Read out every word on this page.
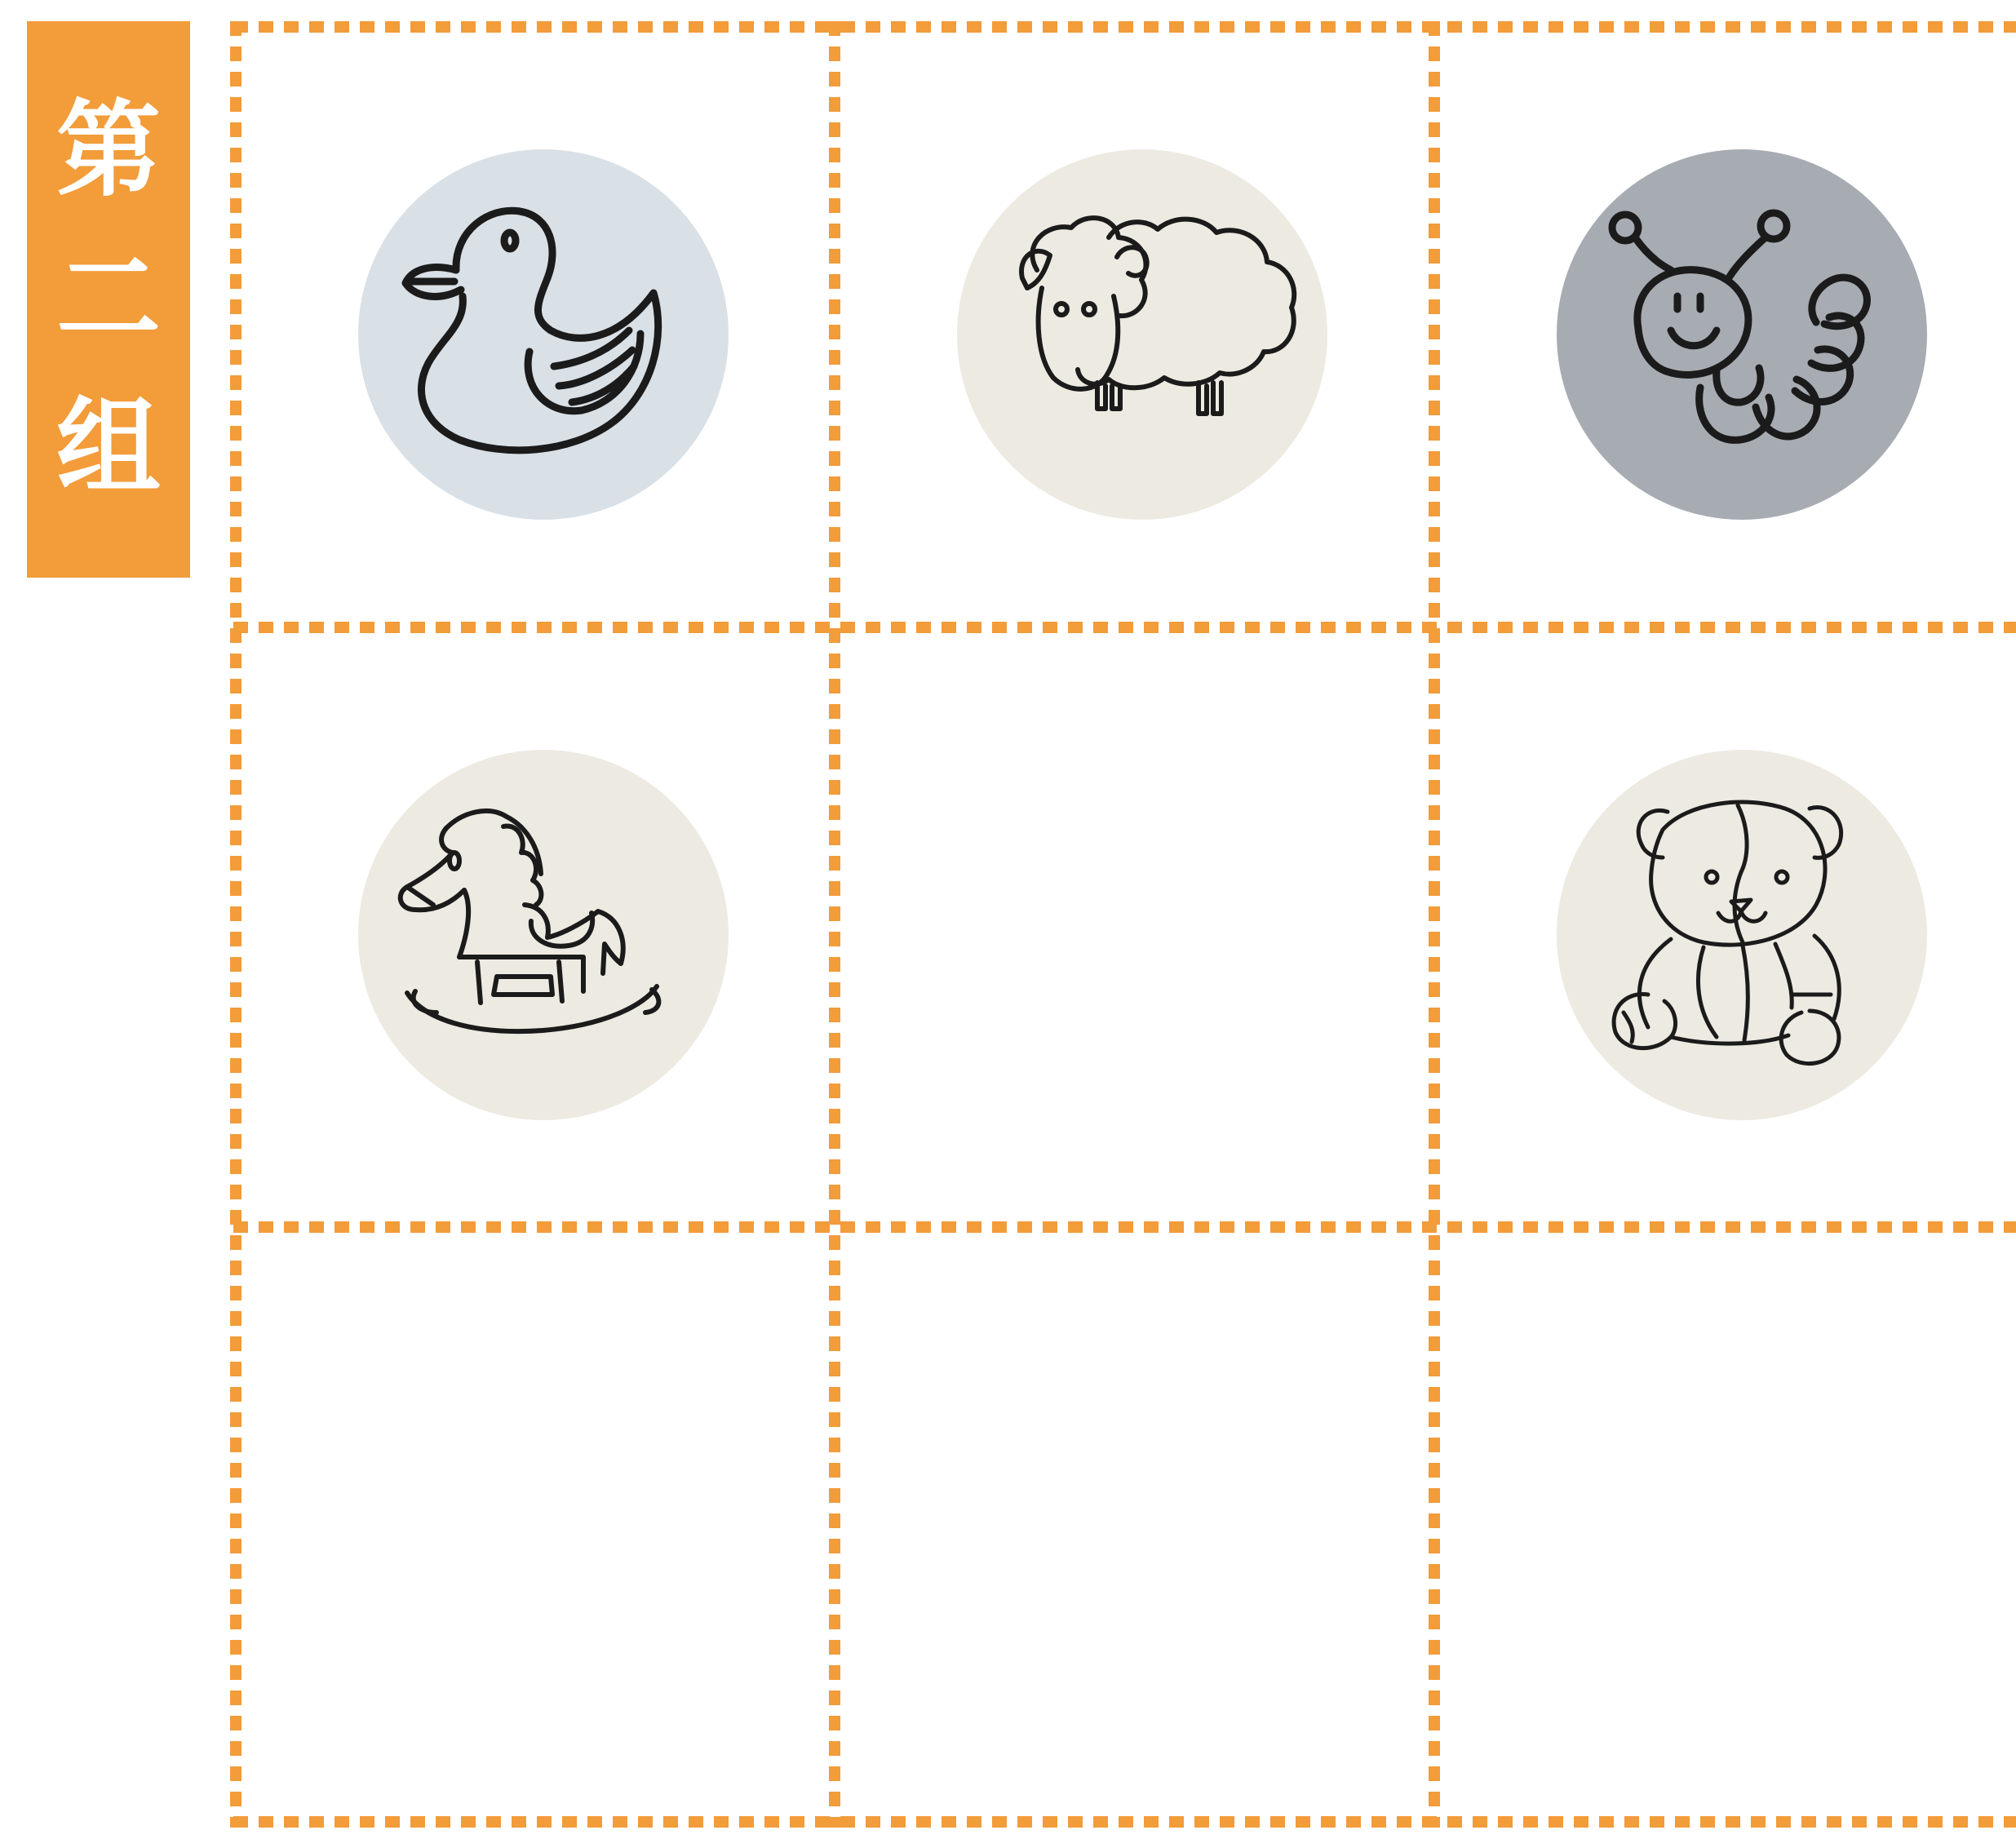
第
二
组
